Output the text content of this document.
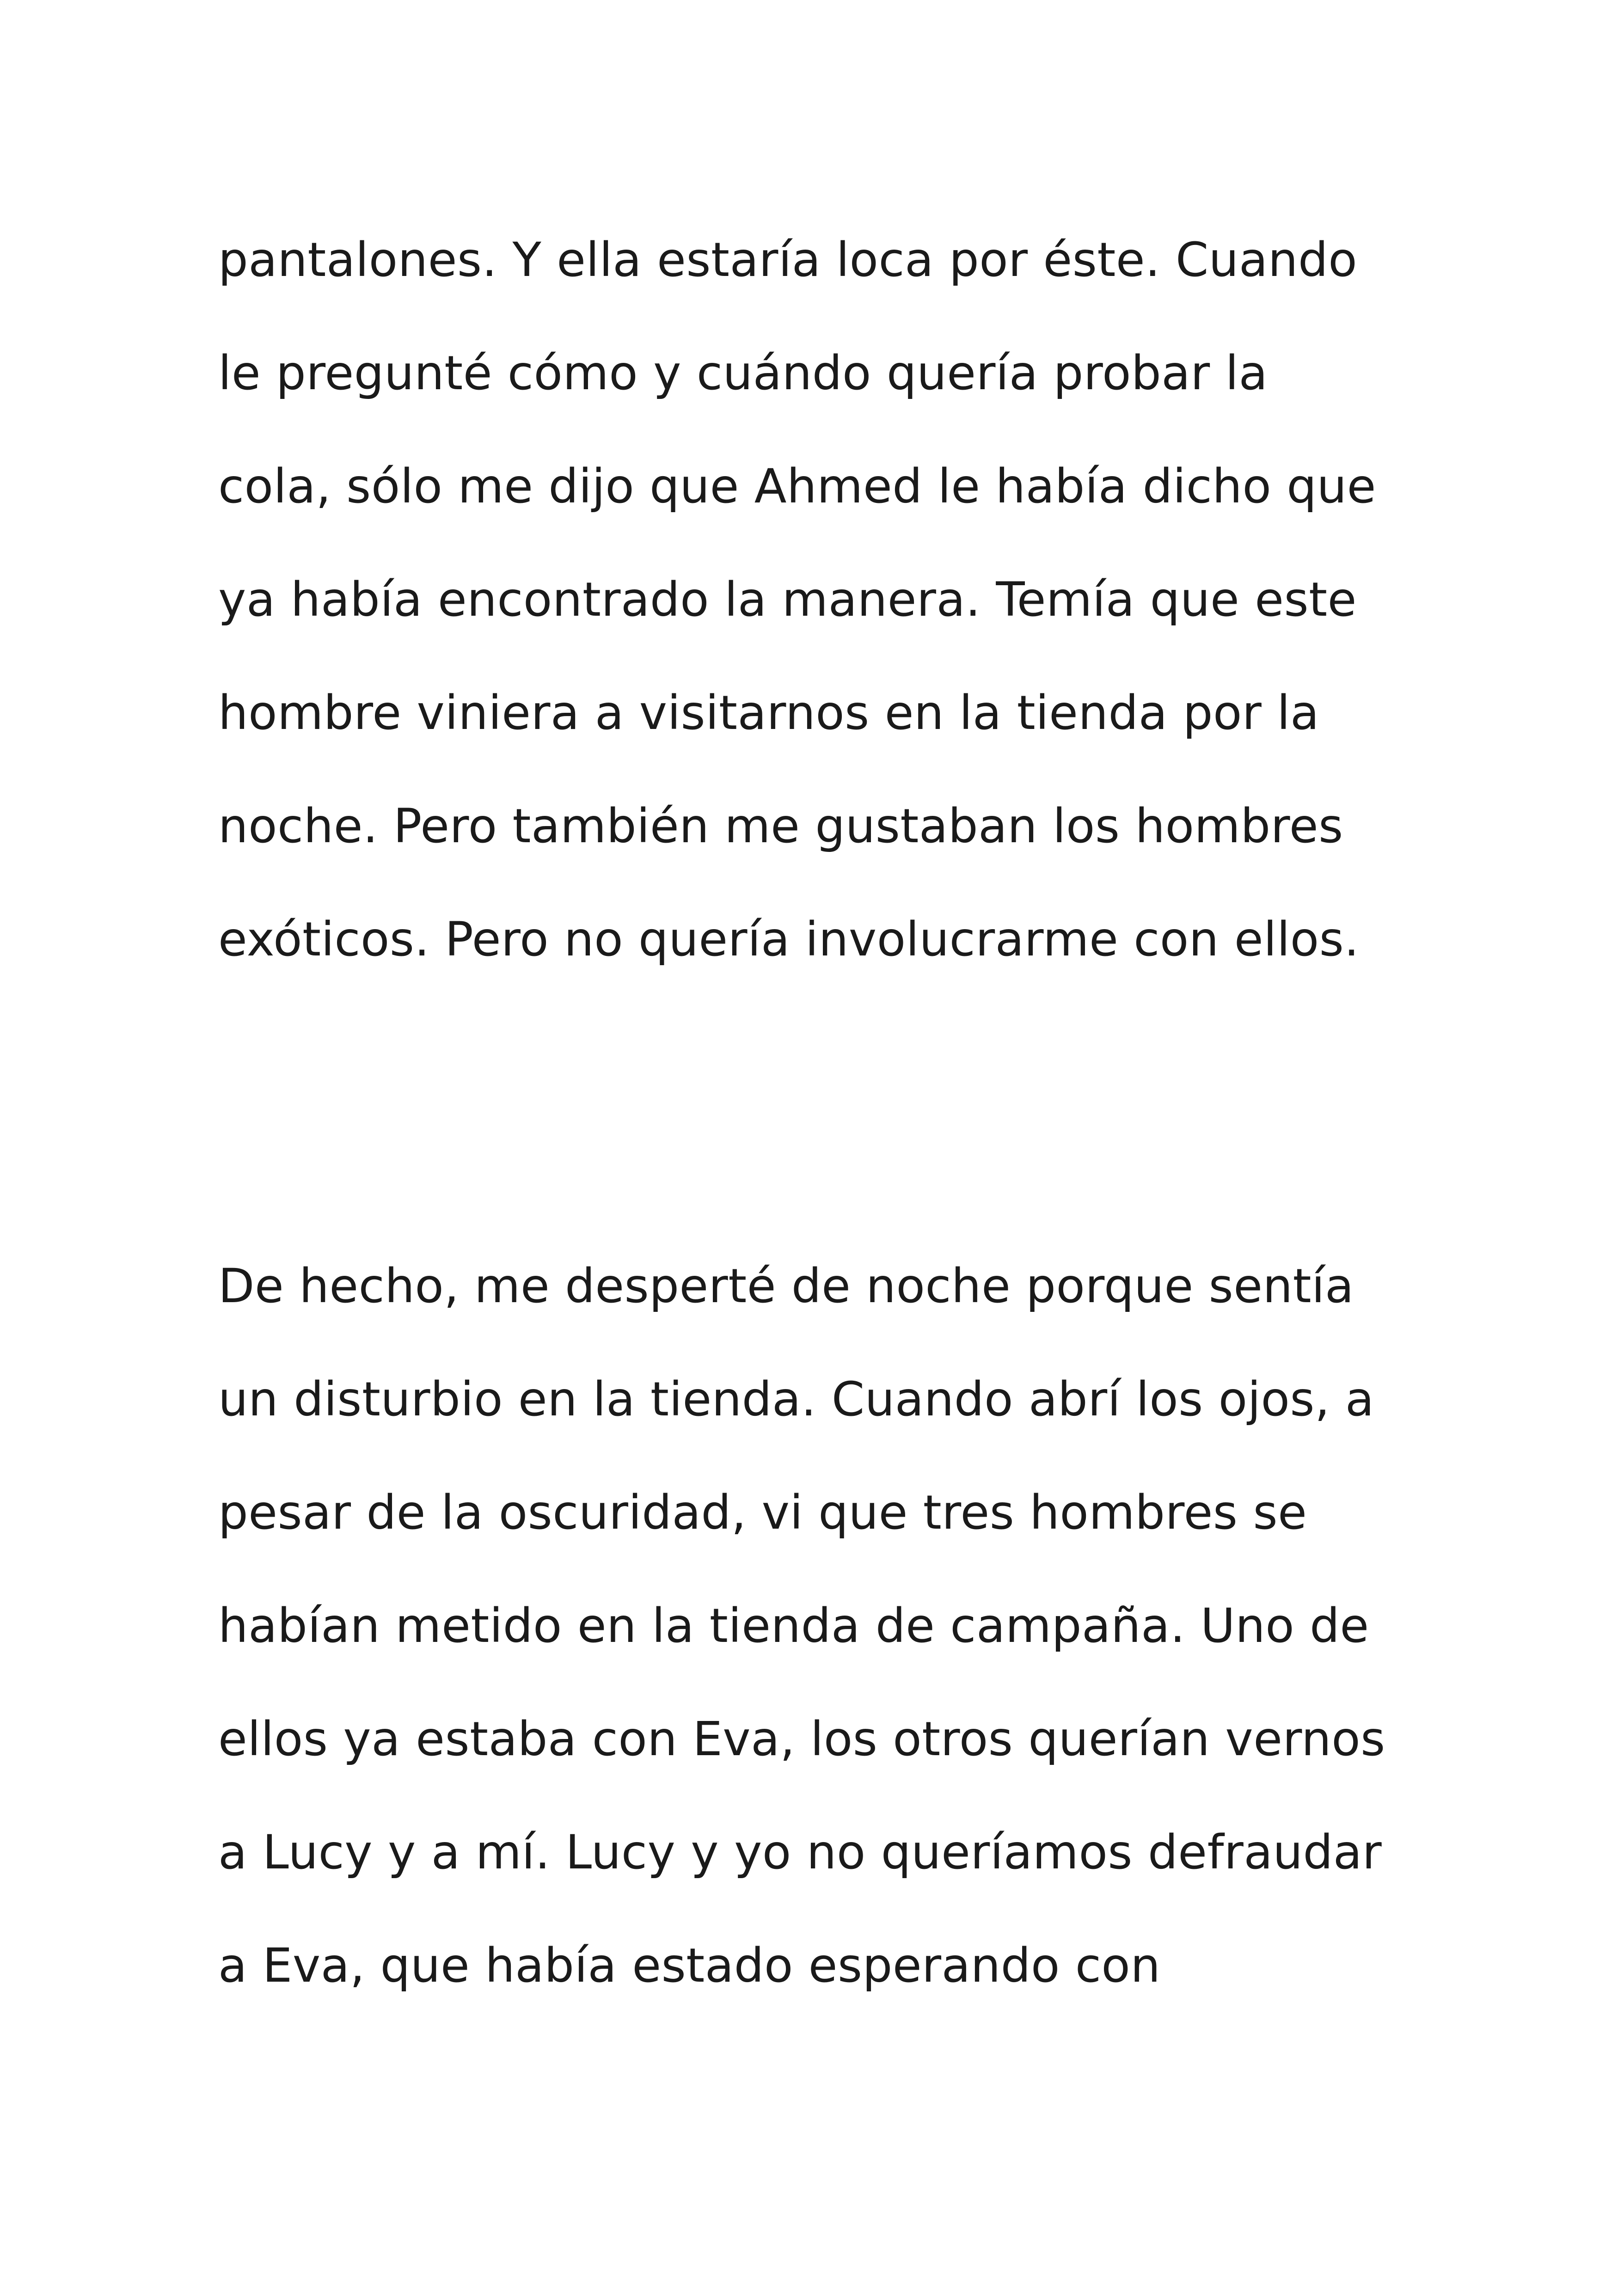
pantalones. Y ella estaría loca por éste. Cuando
le pregunté cómo y cuándo quería probar la
cola, sólo me dijo que Ahmed le había dicho que
ya había encontrado la manera. Temía que este
hombre viniera a visitarnos en la tienda por la
noche. Pero también me gustaban los hombres
exóticos. Pero no quería involucrarme con ellos.
De hecho, me desperté de noche porque sentía
un disturbio en la tienda. Cuando abrí los ojos, a
pesar de la oscuridad, vi que tres hombres se
habían metido en la tienda de campaña. Uno de
ellos ya estaba con Eva, los otros querían vernos
a Lucy y a mí. Lucy y yo no queríamos defraudar
a Eva, que había estado esperando con
